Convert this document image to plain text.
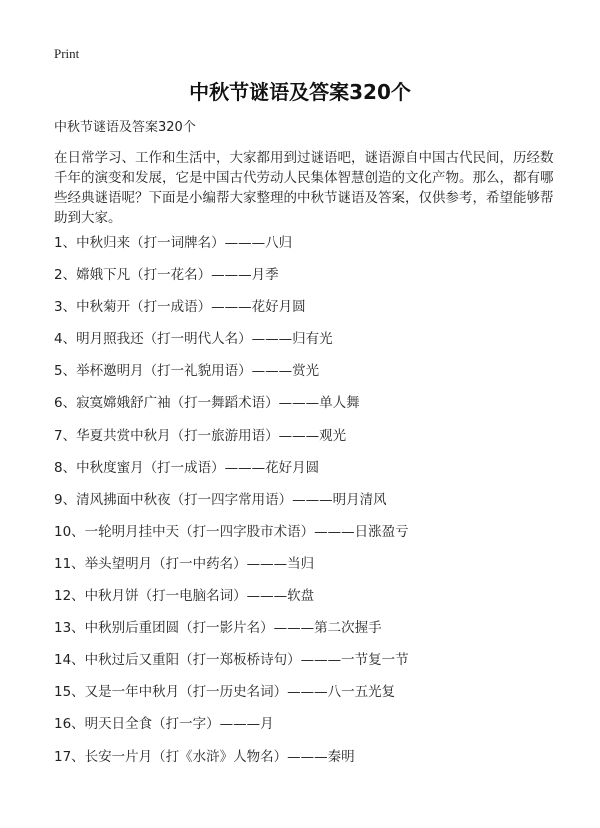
Print
中秋节谜语及答案320个
中秋节谜语及答案320个
在日常学习、工作和生活中，大家都用到过谜语吧，谜语源自中国古代民间，历经数千年的演变和发展，它是中国古代劳动人民集体智慧创造的文化产物。那么，都有哪些经典谜语呢？下面是小编帮大家整理的中秋节谜语及答案，仅供参考，希望能够帮助到大家。
1、中秋归来（打一词牌名）———八归
2、嫦娥下凡（打一花名）———月季
3、中秋菊开（打一成语）———花好月圆
4、明月照我还（打一明代人名）———归有光
5、举杯邀明月（打一礼貌用语）———赏光
6、寂寞嫦娥舒广袖（打一舞蹈术语）———单人舞
7、华夏共赏中秋月（打一旅游用语）———观光
8、中秋度蜜月（打一成语）———花好月圆
9、清风拂面中秋夜（打一四字常用语）———明月清风
10、一轮明月挂中天（打一四字股市术语）———日涨盈亏
11、举头望明月（打一中药名）———当归
12、中秋月饼（打一电脑名词）———软盘
13、中秋别后重团圆（打一影片名）———第二次握手
14、中秋过后又重阳（打一郑板桥诗句）———一节复一节
15、又是一年中秋月（打一历史名词）———八一五光复
16、明天日全食（打一字）———月
17、长安一片月（打《水浒》人物名）———秦明
